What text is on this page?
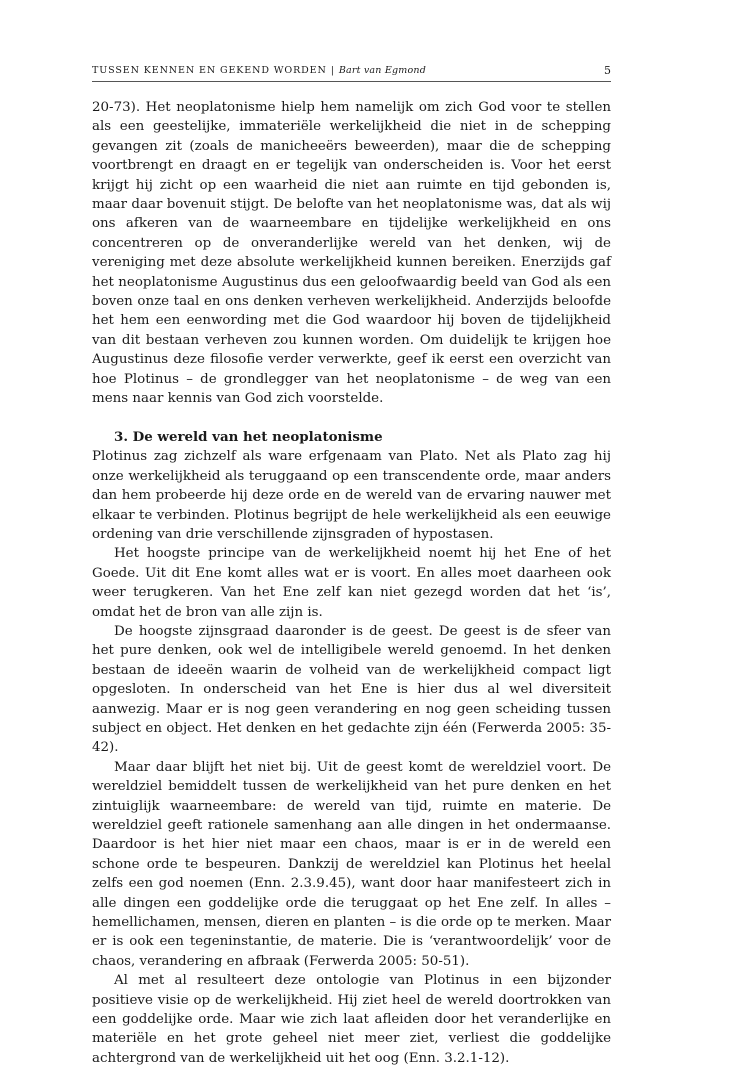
TUSSEN KENNEN EN GEKEND WORDEN | Bart van Egmond	5

20-73). Het neoplatonisme hielp hem namelijk om zich God voor te stellen als een geestelijke, immateriële werkelijkheid die niet in de schepping gevangen zit (zoals de manicheeërs beweerden), maar die de schepping voortbrengt en draagt en er tegelijk van onderscheiden is. Voor het eerst krijgt hij zicht op een waarheid die niet aan ruimte en tijd gebonden is, maar daar bovenuit stijgt. De belofte van het neoplatonisme was, dat als wij ons afkeren van de waarneembare en tijdelijke werkelijkheid en ons concentreren op de onveranderlijke wereld van het denken, wij de vereniging met deze absolute werkelijkheid kunnen bereiken. Enerzijds gaf het neoplatonisme Augustinus dus een geloofwaardig beeld van God als een boven onze taal en ons denken verheven werkelijkheid. Anderzijds beloofde het hem een eenwording met die God waardoor hij boven de tijdelijkheid van dit bestaan verheven zou kunnen worden. Om duidelijk te krijgen hoe Augustinus deze filosofie verder verwerkte, geef ik eerst een overzicht van hoe Plotinus – de grondlegger van het neoplatonisme – de weg van een mens naar kennis van God zich voorstelde.

3. De wereld van het neoplatonisme

Plotinus zag zichzelf als ware erfgenaam van Plato. Net als Plato zag hij onze werkelijkheid als teruggaand op een transcendente orde, maar anders dan hem probeerde hij deze orde en de wereld van de ervaring nauwer met elkaar te verbinden. Plotinus begrijpt de hele werkelijkheid als een eeuwige ordening van drie verschillende zijnsgraden of hypostasen.

Het hoogste principe van de werkelijkheid noemt hij het Ene of het Goede. Uit dit Ene komt alles wat er is voort. En alles moet daarheen ook weer terugkeren. Van het Ene zelf kan niet gezegd worden dat het ‘is’, omdat het de bron van alle zijn is.

De hoogste zijnsgraad daaronder is de geest. De geest is de sfeer van het pure denken, ook wel de intelligibele wereld genoemd. In het denken bestaan de ideeën waarin de volheid van de werkelijkheid compact ligt opgesloten. In onderscheid van het Ene is hier dus al wel diversiteit aanwezig. Maar er is nog geen verandering en nog geen scheiding tussen subject en object. Het denken en het gedachte zijn één (Ferwerda 2005: 35-42).

Maar daar blijft het niet bij. Uit de geest komt de wereldziel voort. De wereldziel bemiddelt tussen de werkelijkheid van het pure denken en het zintuiglijk waarneembare: de wereld van tijd, ruimte en materie. De wereldziel geeft rationele samenhang aan alle dingen in het ondermaanse. Daardoor is het hier niet maar een chaos, maar is er in de wereld een schone orde te bespeuren. Dankzij de wereldziel kan Plotinus het heelal zelfs een god noemen (Enn. 2.3.9.45), want door haar manifesteert zich in alle dingen een goddelijke orde die teruggaat op het Ene zelf. In alles – hemellichamen, mensen, dieren en planten – is die orde op te merken. Maar er is ook een tegeninstantie, de materie. Die is ‘verantwoordelijk’ voor de chaos, verandering en afbraak (Ferwerda 2005: 50-51).

Al met al resulteert deze ontologie van Plotinus in een bijzonder positieve visie op de werkelijkheid. Hij ziet heel de wereld doortrokken van een goddelijke orde. Maar wie zich laat afleiden door het veranderlijke en materiële en het grote geheel niet meer ziet, verliest die goddelijke achtergrond van de werkelijkheid uit het oog (Enn. 3.2.1-12).
